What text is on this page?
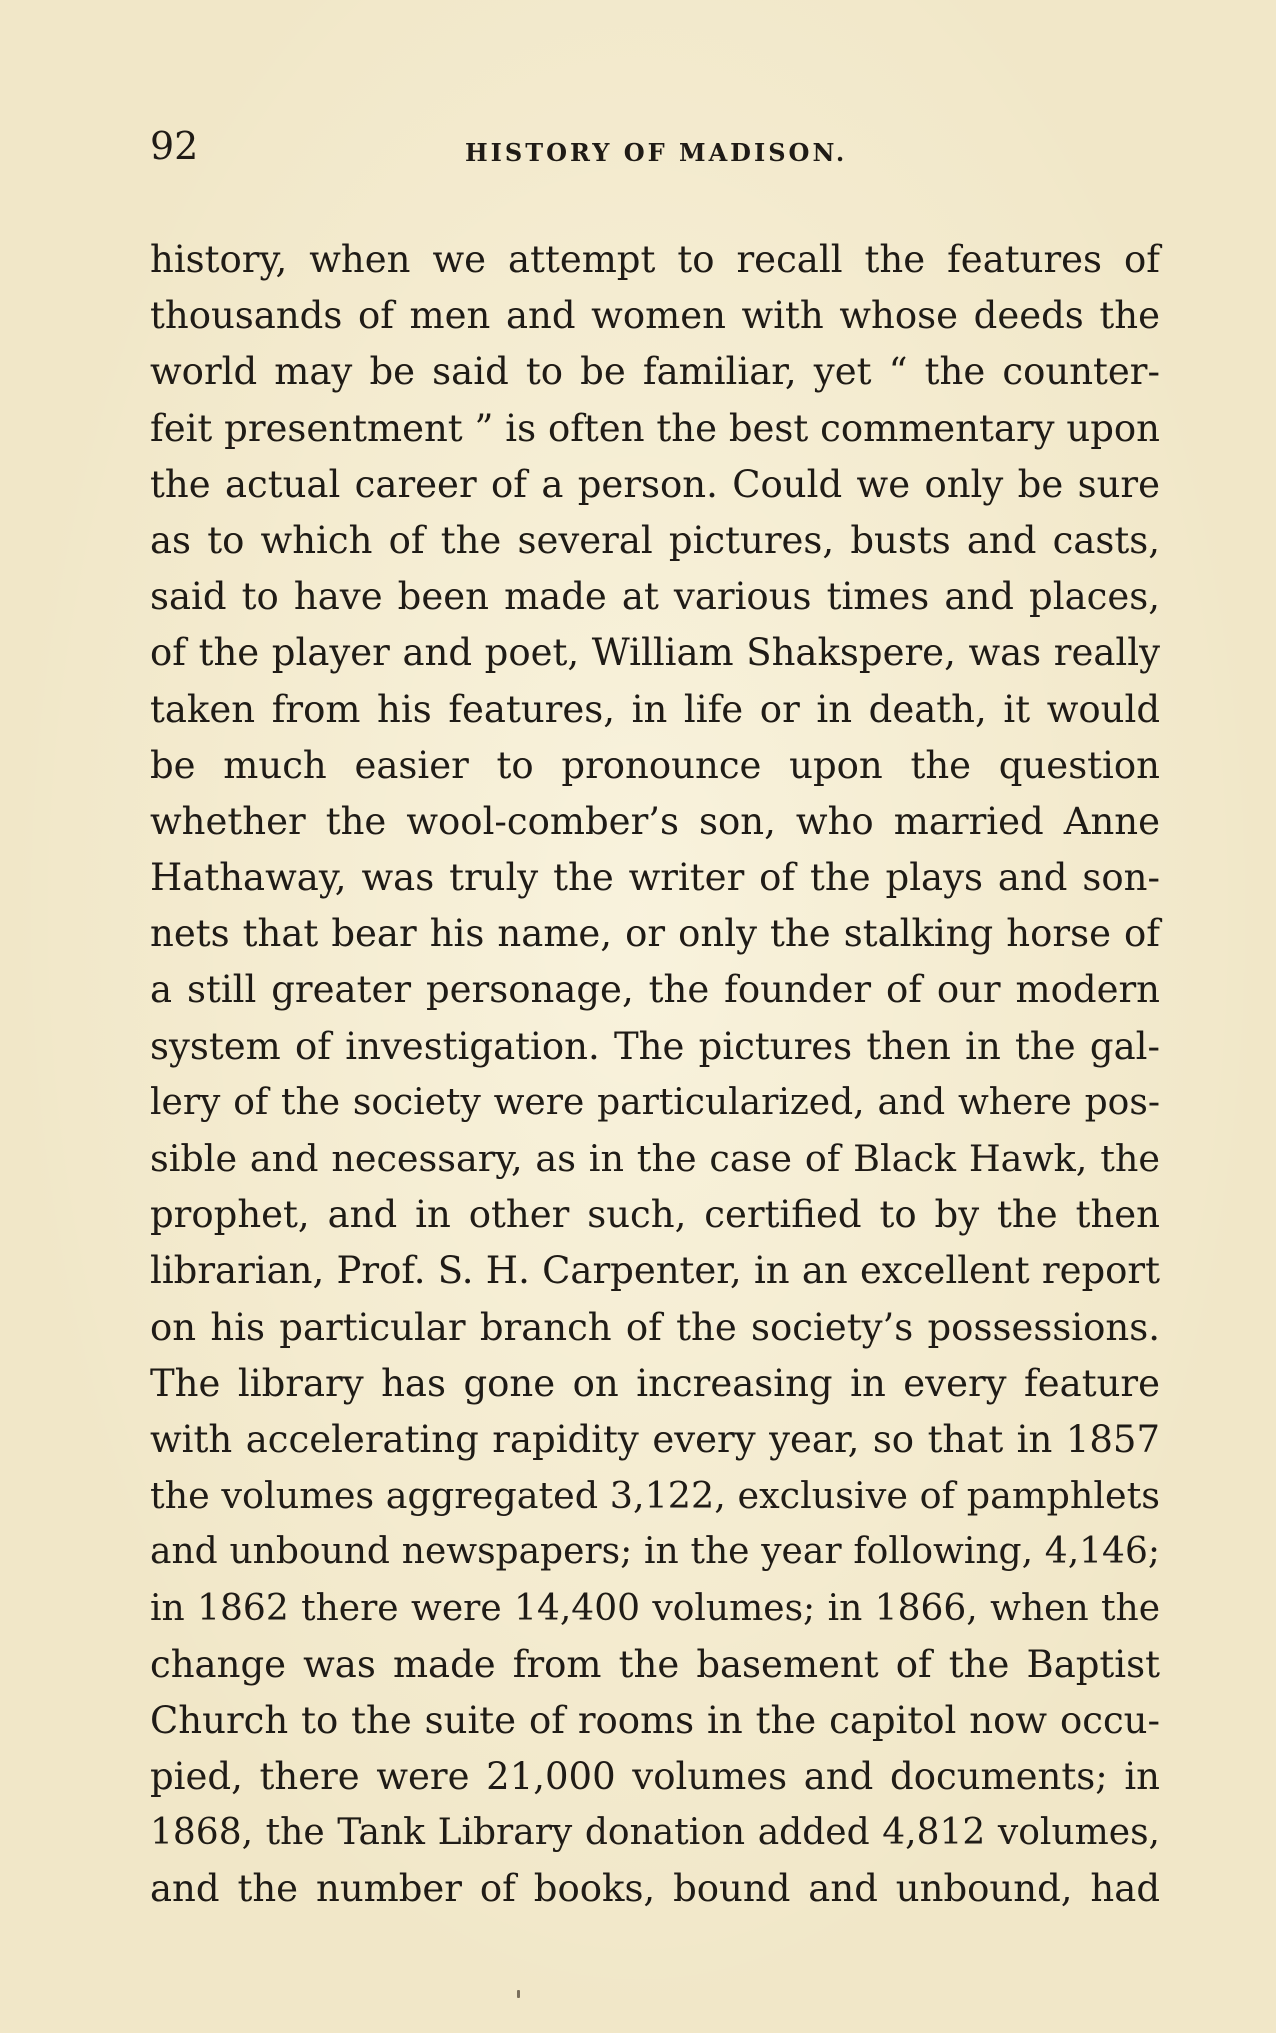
92	HISTORY OF MADISON.
history, when we attempt to recall the features of
thousands of men and women with whose deeds the
world may be said to be familiar, yet “ the counter-
feit presentment ” is often the best commentary upon
the actual career of a person. Could we only be sure
as to which of the several pictures, busts and casts,
said to have been made at various times and places,
of the player and poet, William Shakspere, was really
taken from his features, in life or in death, it would
be much easier to pronounce upon the question
whether the wool-comber’s son, who married Anne
Hathaway, was truly the writer of the plays and son-
nets that bear his name, or only the stalking horse of
a still greater personage, the founder of our modern
system of investigation. The pictures then in the gal-
lery of the society were particularized, and where pos-
sible and necessary, as in the case of Black Hawk, the
prophet, and in other such, certified to by the then
librarian, Prof. S. H. Carpenter, in an excellent report
on his particular branch of the society’s possessions.
The library has gone on increasing in every feature
with accelerating rapidity every year, so that in 1857
the volumes aggregated 3,122, exclusive of pamphlets
and unbound newspapers; in the year following, 4,146;
in 1862 there were 14,400 volumes; in 1866, when the
change was made from the basement of the Baptist
Church to the suite of rooms in the capitol now occu-
pied, there were 21,000 volumes and documents; in
1868, the Tank Library donation added 4,812 volumes,
and the number of books, bound and unbound, had
